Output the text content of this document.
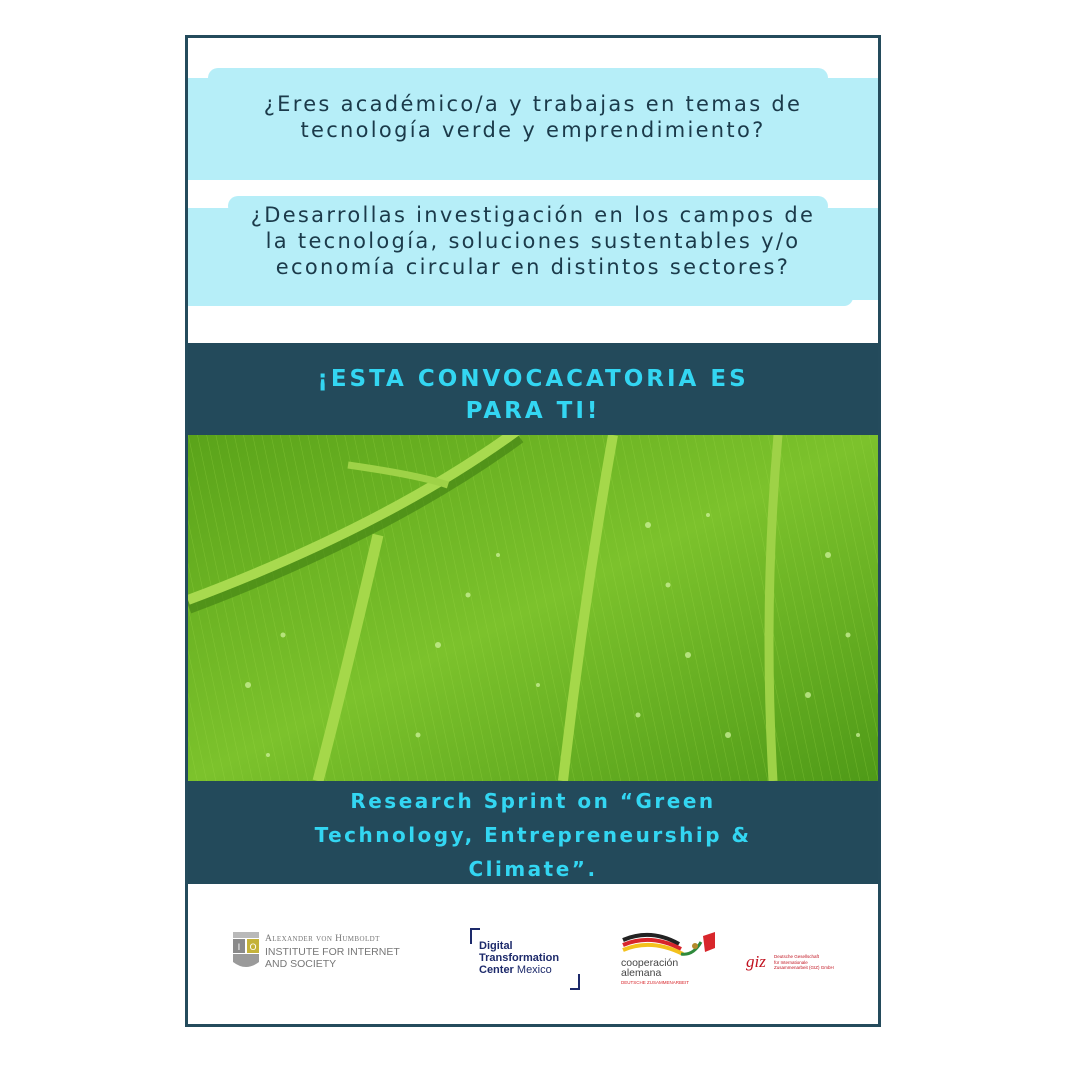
¿Eres académico/a y trabajas en temas de
tecnología verde y emprendimiento?
¿Desarrollas investigación en los campos de
la tecnología, soluciones sustentables y/o
economía circular en distintos sectores?
¡ESTA CONVOCACATORIA ES
PARA TI!
Research Sprint on “Green
Technology, Entrepreneurship &
Climate”.
I O
Alexander von Humboldt
INSTITUTE FOR INTERNET
AND SOCIETY
Digital
Transformation
Center Mexico
cooperación
alemana
DEUTSCHE ZUSAMMENARBEIT
giz Deutsche Gesellschaft
für Internationale
Zusammenarbeit (GIZ) GmbH
